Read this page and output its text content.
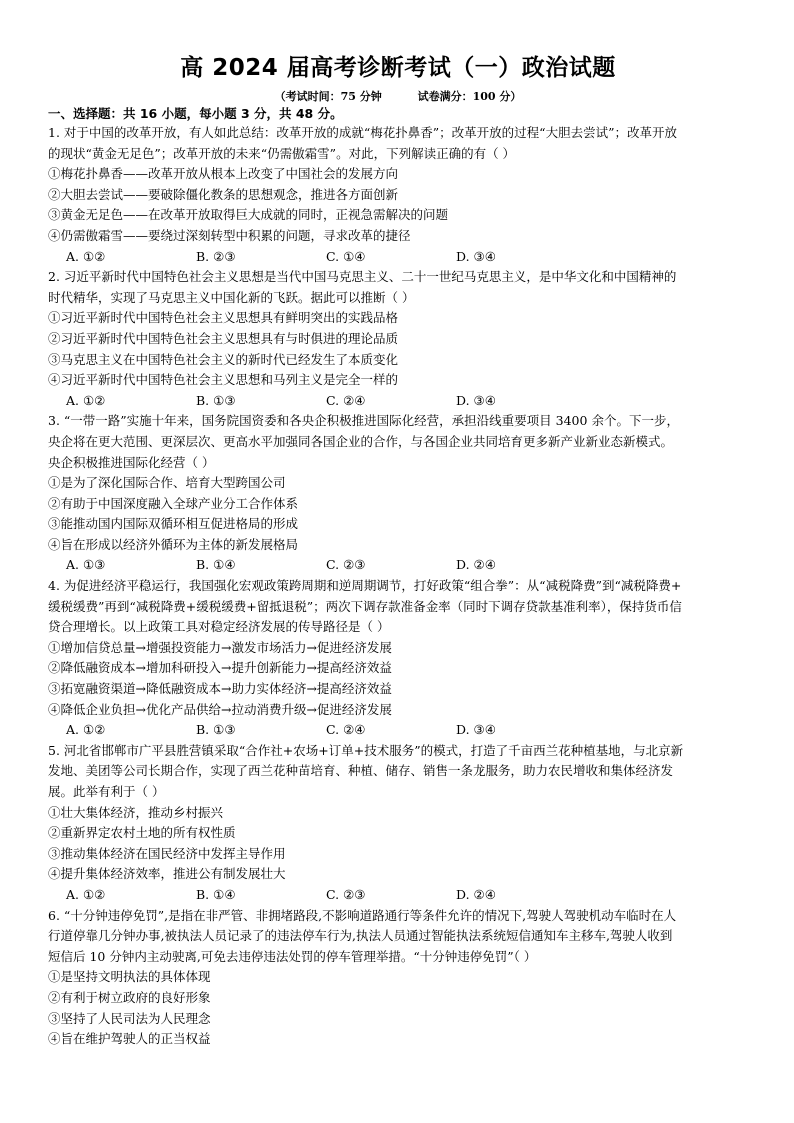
高 2024 届高考诊断考试（一）政治试题
（考试时间：75 分钟	试卷满分：100 分）
一、选择题：共 16 小题，每小题 3 分，共 48 分。
1. 对于中国的改革开放，有人如此总结：改革开放的成就“梅花扑鼻香”；改革开放的过程“大胆去尝试”；改革开放
的现状“黄金无足色”；改革开放的未来“仍需傲霜雪”。对此，下列解读正确的有（ ）
①梅花扑鼻香——改革开放从根本上改变了中国社会的发展方向
②大胆去尝试——要破除僵化教条的思想观念，推进各方面创新
③黄金无足色——在改革开放取得巨大成就的同时，正视急需解决的问题
④仍需傲霜雪——要绕过深刻转型中积累的问题，寻求改革的捷径
A. ①②	B. ②③	C. ①④	D. ③④
2. 习近平新时代中国特色社会主义思想是当代中国马克思主义、二十一世纪马克思主义，是中华文化和中国精神的
时代精华，实现了马克思主义中国化新的飞跃。据此可以推断（ ）
①习近平新时代中国特色社会主义思想具有鲜明突出的实践品格
②习近平新时代中国特色社会主义思想具有与时俱进的理论品质
③马克思主义在中国特色社会主义的新时代已经发生了本质变化
④习近平新时代中国特色社会主义思想和马列主义是完全一样的
A. ①②	B. ①③	C. ②④	D. ③④
3. “一带一路”实施十年来，国务院国资委和各央企积极推进国际化经营，承担沿线重要项目 3400 余个。下一步，
央企将在更大范围、更深层次、更高水平加强同各国企业的合作，与各国企业共同培育更多新产业新业态新模式。
央企积极推进国际化经营（ ）
①是为了深化国际合作、培育大型跨国公司
②有助于中国深度融入全球产业分工合作体系
③能推动国内国际双循环相互促进格局的形成
④旨在形成以经济外循环为主体的新发展格局
A. ①③	B. ①④	C. ②③	D. ②④
4. 为促进经济平稳运行，我国强化宏观政策跨周期和逆周期调节，打好政策“组合拳”：从“减税降费”到“减税降费+
缓税缓费”再到“减税降费+缓税缓费+留抵退税”；两次下调存款准备金率（同时下调存贷款基准利率），保持货币信
贷合理增长。以上政策工具对稳定经济发展的传导路径是（ ）
①增加信贷总量→增强投资能力→激发市场活力→促进经济发展
②降低融资成本→增加科研投入→提升创新能力→提高经济效益
③拓宽融资渠道→降低融资成本→助力实体经济→提高经济效益
④降低企业负担→优化产品供给→拉动消费升级→促进经济发展
A. ①②	B. ①③	C. ②④	D. ③④
5. 河北省邯郸市广平县胜营镇采取“合作社+农场+订单+技术服务”的模式，打造了千亩西兰花种植基地，与北京新
发地、美团等公司长期合作，实现了西兰花种苗培育、种植、储存、销售一条龙服务，助力农民增收和集体经济发
展。此举有利于（ ）
①壮大集体经济，推动乡村振兴
②重新界定农村土地的所有权性质
③推动集体经济在国民经济中发挥主导作用
④提升集体经济效率，推进公有制发展壮大
A. ①②	B. ①④	C. ②③	D. ②④
6. “十分钟违停免罚”,是指在非严管、非拥堵路段,不影响道路通行等条件允许的情况下,驾驶人驾驶机动车临时在人
行道停靠几分钟办事,被执法人员记录了的违法停车行为,执法人员通过智能执法系统短信通知车主移车,驾驶人收到
短信后 10 分钟内主动驶离,可免去违停违法处罚的停车管理举措。“十分钟违停免罚”（ ）
①是坚持文明执法的具体体现
②有利于树立政府的良好形象
③坚持了人民司法为人民理念
④旨在维护驾驶人的正当权益
